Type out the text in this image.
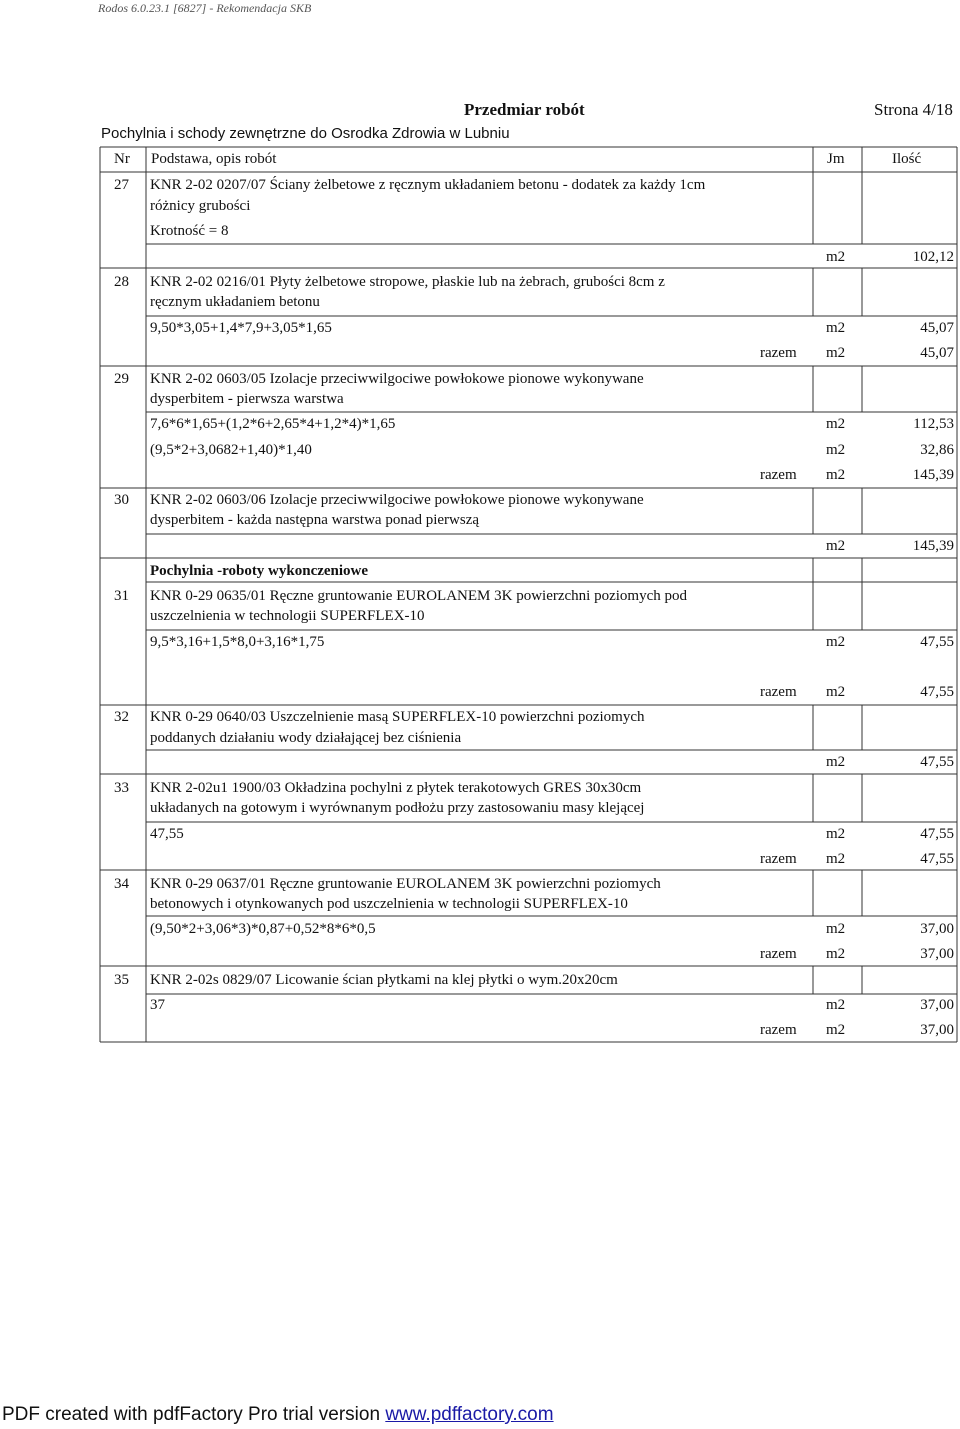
Rodos 6.0.23.1 [6827] - Rekomendacja SKB
Przedmiar robót	Strona 4/18
Pochylnia i schody zewnętrzne do Osrodka Zdrowia w Lubniu
Nr Podstawa, opis robót	Jm	Ilość
27 KNR 2-02 0207/07 Ściany żelbetowe z ręcznym układaniem betonu - dodatek za każdy 1cm
różnicy grubości
Krotność = 8
m2	102,12
28 KNR 2-02 0216/01 Płyty żelbetowe stropowe, płaskie lub na żebrach, grubości 8cm z
ręcznym układaniem betonu
9,50*3,05+1,4*7,9+3,05*1,65	m2	45,07
razem m2	45,07
29 KNR 2-02 0603/05 Izolacje przeciwwilgociwe powłokowe pionowe wykonywane
dysperbitem - pierwsza warstwa
7,6*6*1,65+(1,2*6+2,65*4+1,2*4)*1,65	m2	112,53
(9,5*2+3,0682+1,40)*1,40	m2	32,86
razem m2	145,39
30 KNR 2-02 0603/06 Izolacje przeciwwilgociwe powłokowe pionowe wykonywane
dysperbitem - każda następna warstwa ponad pierwszą
m2	145,39
Pochylnia -roboty wykonczeniowe
31 KNR 0-29 0635/01 Ręczne gruntowanie EUROLANEM 3K powierzchni poziomych pod
uszczelnienia w technologii SUPERFLEX-10
9,5*3,16+1,5*8,0+3,16*1,75	m2	47,55
razem m2	47,55
32 KNR 0-29 0640/03 Uszczelnienie masą SUPERFLEX-10 powierzchni poziomych
poddanych działaniu wody działającej bez ciśnienia
m2	47,55
33 KNR 2-02u1 1900/03 Okładzina pochylni z płytek terakotowych GRES 30x30cm
układanych na gotowym i wyrównanym podłożu przy zastosowaniu masy klejącej
47,55	m2	47,55
razem m2	47,55
34 KNR 0-29 0637/01 Ręczne gruntowanie EUROLANEM 3K powierzchni poziomych
betonowych i otynkowanych pod uszczelnienia w technologii SUPERFLEX-10
(9,50*2+3,06*3)*0,87+0,52*8*6*0,5	m2	37,00
razem m2	37,00
35 KNR 2-02s 0829/07 Licowanie ścian płytkami na klej płytki o wym.20x20cm
37	m2	37,00
razem m2	37,00
PDF created with pdfFactory Pro trial version www.pdffactory.com
